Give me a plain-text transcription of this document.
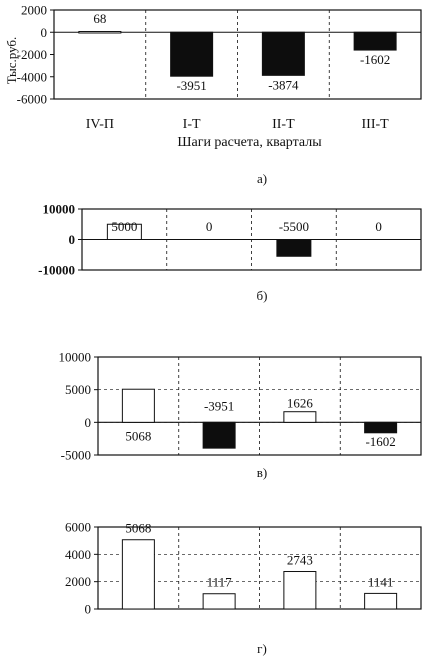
2000
0
-2000
-4000
-6000
68
-3951	-3874
-1602
IV-П	I-Т	II-Т	III-Т
Шаги расчета, кварталы
Тыс.руб.
а)
10000
0
-10000
5000	0	-5500	0
б)
10000
5000
0
-5000
5068
-3951	1626
-1602
в)
6000
4000
2000
0
5068
1117
2743
1141
г)
